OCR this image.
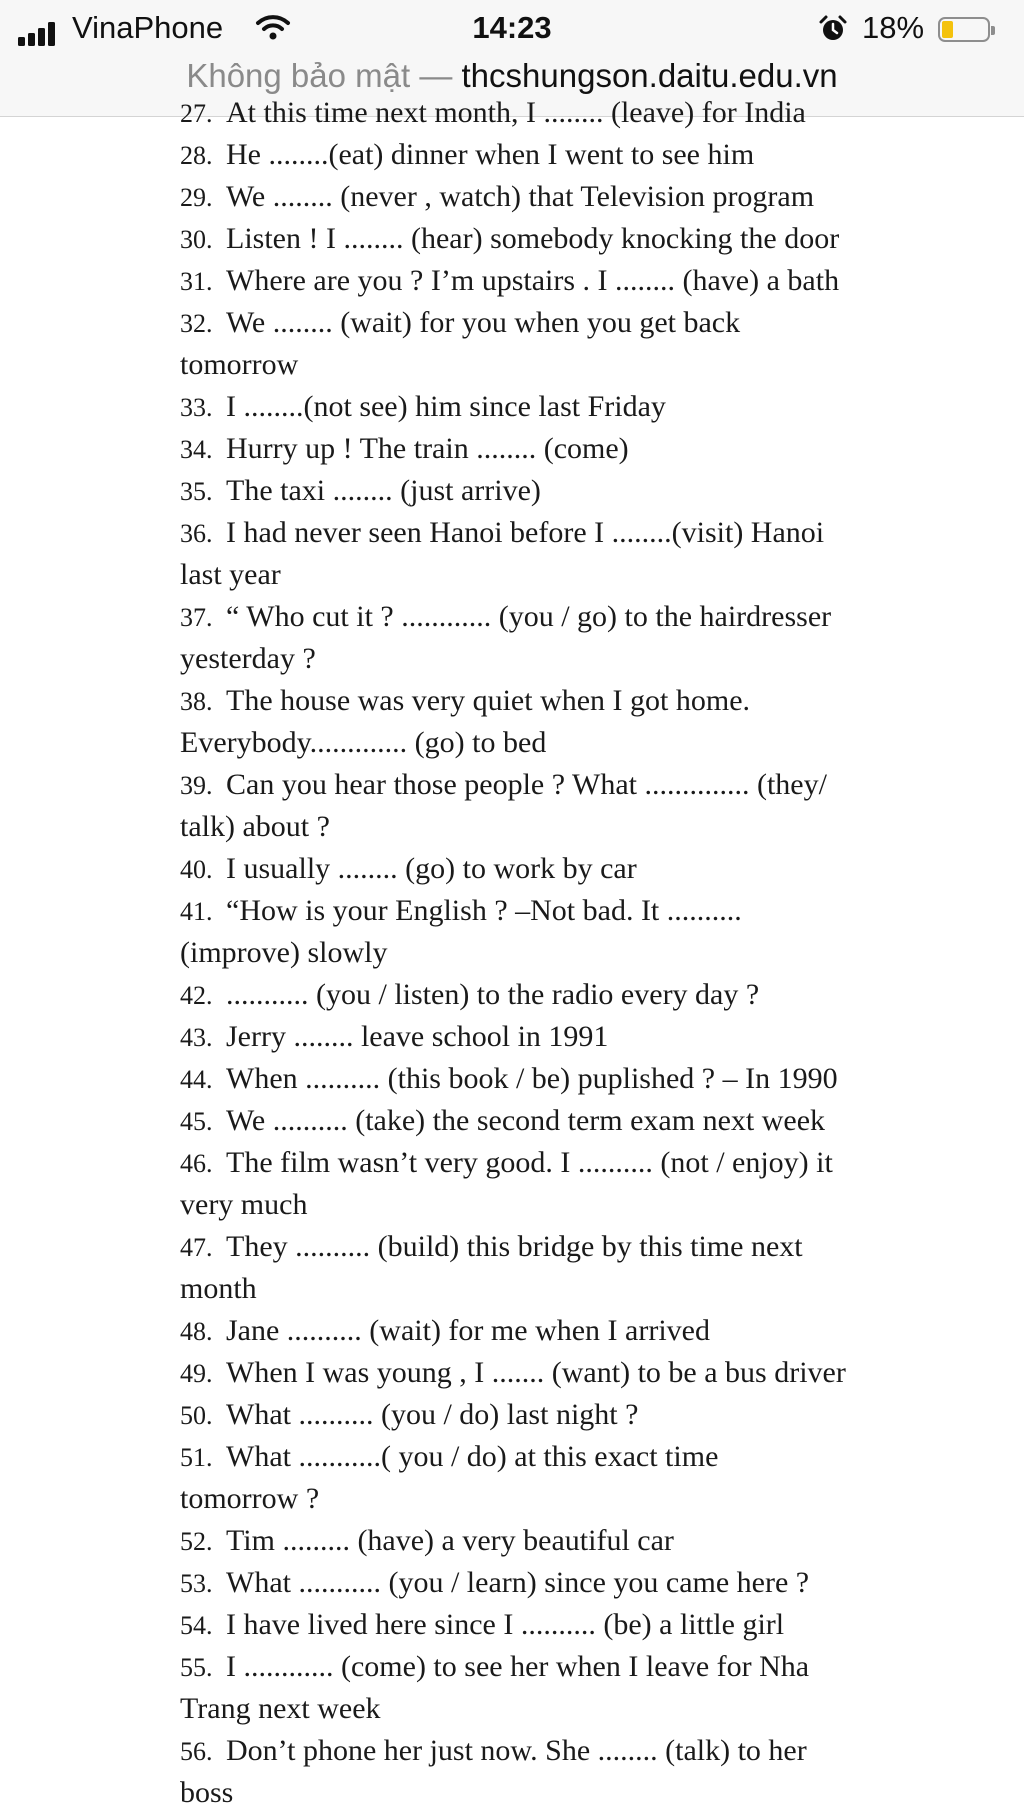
VinaPhone	14:23	18%
Không bảo mật — thcshungson.daitu.edu.vn
27. At this time next month, I ........ (leave) for India
28. He ........(eat) dinner when I went to see him
29. We ........ (never , watch) that Television program
30. Listen ! I ........ (hear) somebody knocking the door
31. Where are you ? I’m upstairs . I ........ (have) a bath
32. We ........ (wait) for you when you get back
tomorrow
33. I ........(not see) him since last Friday
34. Hurry up ! The train ........ (come)
35. The taxi ........ (just arrive)
36. I had never seen Hanoi before I ........(visit) Hanoi
last year
37. “ Who cut it ? ............ (you / go) to the hairdresser
yesterday ?
38. The house was very quiet when I got home.
Everybody............. (go) to bed
39. Can you hear those people ? What .............. (they/
talk) about ?
40. I usually ........ (go) to work by car
41. “How is your English ? –Not bad. It ..........
(improve) slowly
42. ........... (you / listen) to the radio every day ?
43. Jerry ........ leave school in 1991
44. When .......... (this book / be) puplished ? – In 1990
45. We .......... (take) the second term exam next week
46. The film wasn’t very good. I .......... (not / enjoy) it
very much
47. They .......... (build) this bridge by this time next
month
48. Jane .......... (wait) for me when I arrived
49. When I was young , I ....... (want) to be a bus driver
50. What .......... (you / do) last night ?
51. What ...........( you / do) at this exact time
tomorrow ?
52. Tim ......... (have) a very beautiful car
53. What ........... (you / learn) since you came here ?
54. I have lived here since I .......... (be) a little girl
55. I ............ (come) to see her when I leave for Nha
Trang next week
56. Don’t phone her just now. She ........ (talk) to her
boss
